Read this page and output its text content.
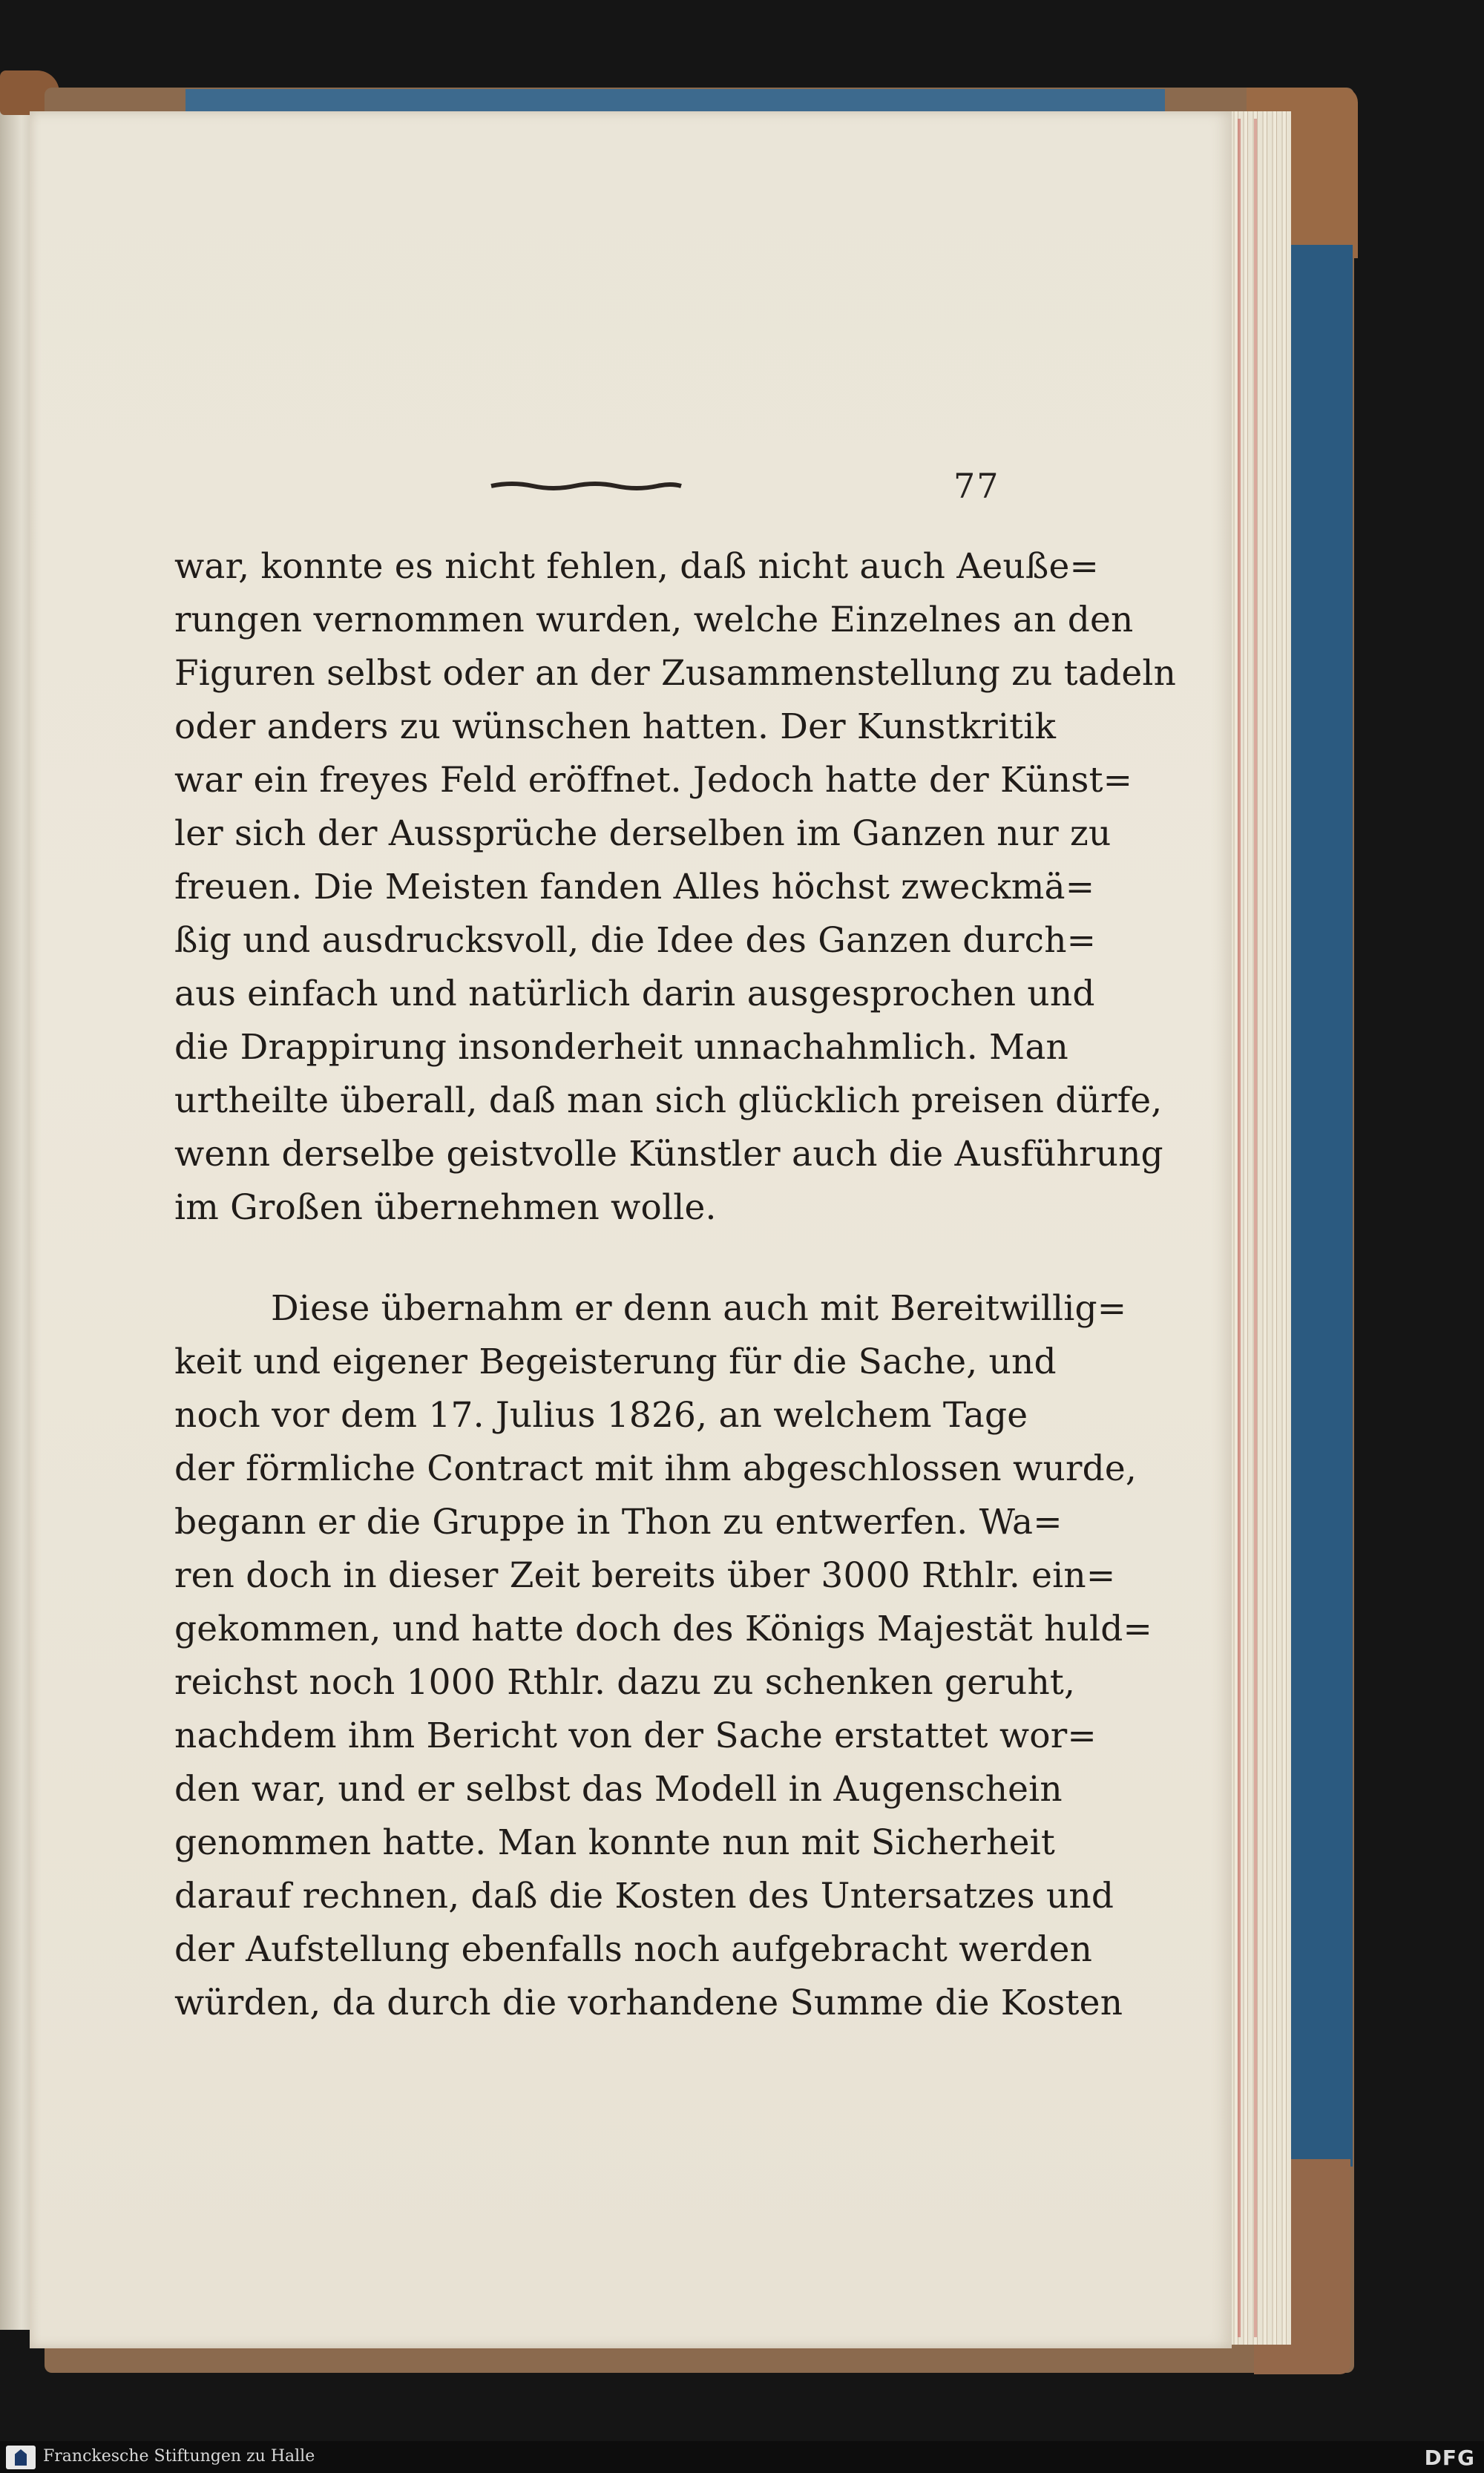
77
war, konnte es nicht fehlen, daß nicht auch Aeuße=
rungen vernommen wurden, welche Einzelnes an den
Figuren selbst oder an der Zusammenstellung zu tadeln
oder anders zu wünschen hatten. Der Kunstkritik
war ein freyes Feld eröffnet. Jedoch hatte der Künst=
ler sich der Aussprüche derselben im Ganzen nur zu
freuen. Die Meisten fanden Alles höchst zweckmä=
ßig und ausdrucksvoll, die Idee des Ganzen durch=
aus einfach und natürlich darin ausgesprochen und
die Drappirung insonderheit unnachahmlich. Man
urtheilte überall, daß man sich glücklich preisen dürfe,
wenn derselbe geistvolle Künstler auch die Ausführung
im Großen übernehmen wolle.
Diese übernahm er denn auch mit Bereitwillig=
keit und eigener Begeisterung für die Sache, und
noch vor dem 17. Julius 1826, an welchem Tage
der förmliche Contract mit ihm abgeschlossen wurde,
begann er die Gruppe in Thon zu entwerfen. Wa=
ren doch in dieser Zeit bereits über 3000 Rthlr. ein=
gekommen, und hatte doch des Königs Majestät huld=
reichst noch 1000 Rthlr. dazu zu schenken geruht,
nachdem ihm Bericht von der Sache erstattet wor=
den war, und er selbst das Modell in Augenschein
genommen hatte. Man konnte nun mit Sicherheit
darauf rechnen, daß die Kosten des Untersatzes und
der Aufstellung ebenfalls noch aufgebracht werden
würden, da durch die vorhandene Summe die Kosten
Franckesche Stiftungen zu Halle	DFG
